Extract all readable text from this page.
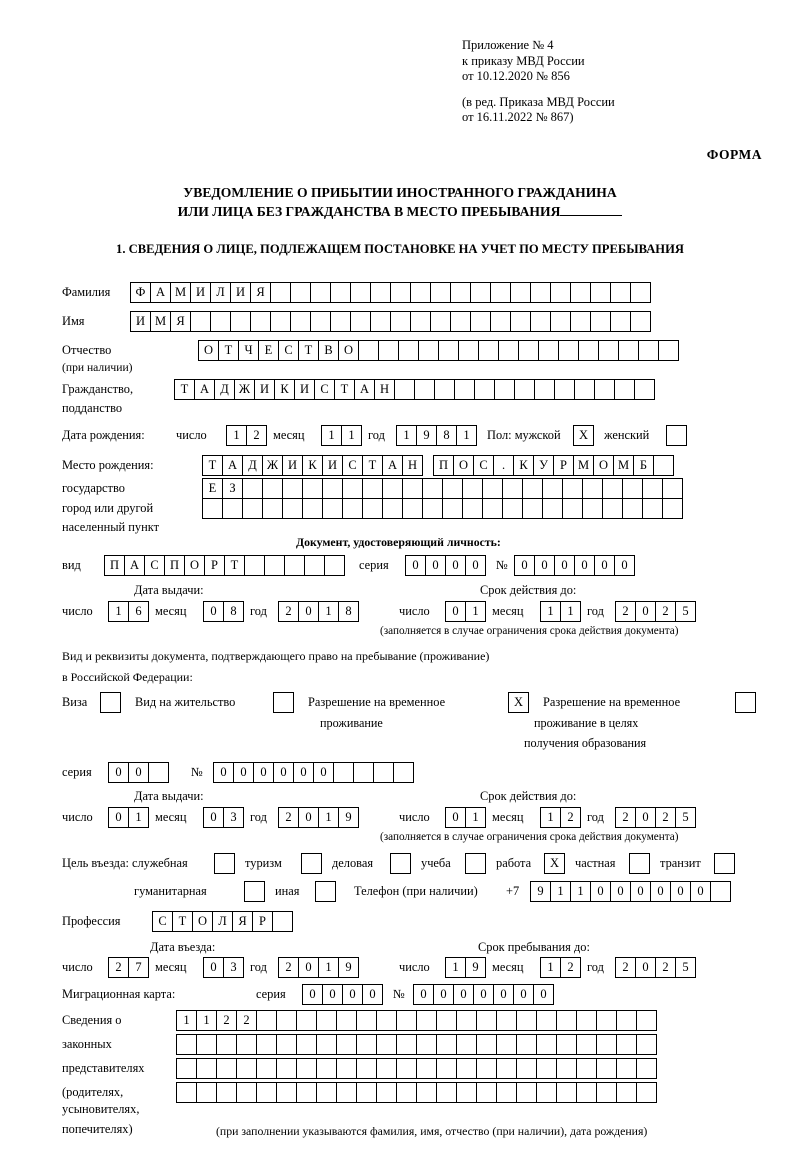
Приложение № 4
к приказу МВД России
от 10.12.2020 № 856
(в ред. Приказа МВД России
от 16.11.2022 № 867)
ФОРМА
УВЕДОМЛЕНИЕ О ПРИБЫТИИ ИНОСТРАННОГО ГРАЖДАНИНА
ИЛИ ЛИЦА БЕЗ ГРАЖДАНСТВА В МЕСТО ПРЕБЫВАНИЯ
1. СВЕДЕНИЯ О ЛИЦЕ, ПОДЛЕЖАЩЕМ ПОСТАНОВКЕ НА УЧЕТ ПО МЕСТУ ПРЕБЫВАНИЯ
Фамилия	Ф А М И Л И Я
Имя	И М Я
Отчество	О Т Ч Е С Т В О
(при наличии)
Гражданство,	Т А Д Ж И К И С Т А Н
подданство
Дата рождения:	число	1	2	месяц	1	1	год	1	9	8	1	Пол: мужской	X	женский
Место рождения:	Т А Д Ж И К И С Т А Н	П О С	.	К У Р М О М Б
государство	Е	З
город или другой
населенный пункт
Документ, удостоверяющий личность:
вид	П А С П О Р	Т	серия	0	0	0	0	№	0	0	0	0	0	0
Дата выдачи:	Срок действия до:
число	1	6	месяц	0	8	год	2	0	1	8	число	0	1	месяц	1	1	год	2	0	2	5
(заполняется в случае ограничения срока действия документа)
Вид и реквизиты документа, подтверждающего право на пребывание (проживание)
в Российской Федерации:
Виза	Вид на жительство	Разрешение на временное	X	Разрешение на временное
проживание	проживание в целях
получения образования
серия	0	0	№	0	0	0	0	0	0
Дата выдачи:	Срок действия до:
число	0	1	месяц	0	3	год	2	0	1	9	число	0	1	месяц	1	2	год	2	0	2	5
(заполняется в случае ограничения срока действия документа)
Цель въезда: служебная	туризм	деловая	учеба	работа	X	частная	транзит
гуманитарная	иная	Телефон (при наличии)	+7	9	1	1	0	0	0	0	0	0
Профессия	С Т О Л Я Р
Дата въезда:	Срок пребывания до:
число	2	7	месяц	0	3	год	2	0	1	9	число	1	9	месяц	1	2	год	2	0	2	5
Миграционная карта:	серия	0	0	0	0	№	0	0	0	0	0	0	0
Сведения о	1	1	2	2
законных
представителях
(родителях,
усыновителях,
попечителях)	(при заполнении указываются фамилия, имя, отчество (при наличии), дата рождения)
